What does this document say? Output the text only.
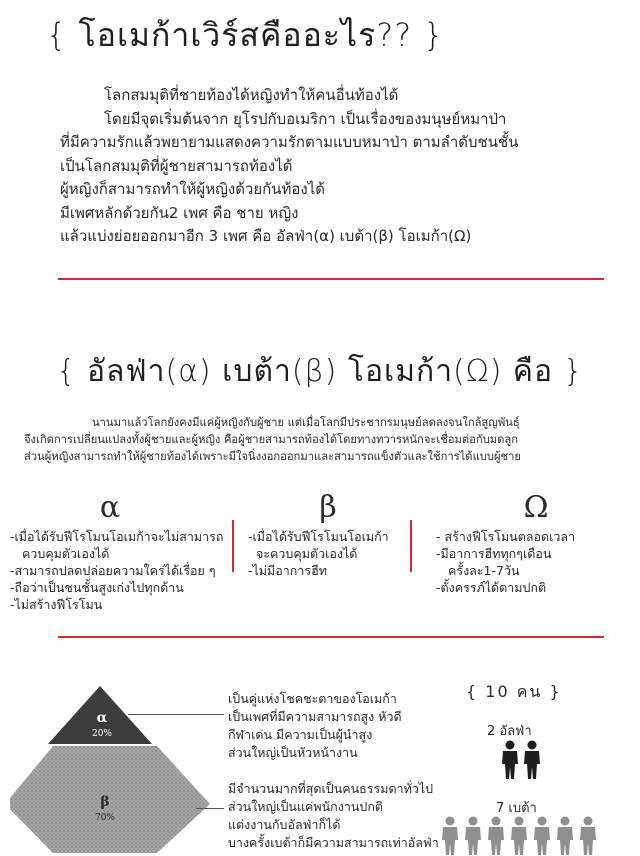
{ โอเมก้าเวิร์สคืออะไร?? }
โลกสมมุติที่ชายท้องได้หญิงทำให้คนอื่นท้องได้
โดยมีจุดเริ่มต้นจาก ยุโรปกับอเมริกา เป็นเรื่องของมนุษย์หมาป่า
ที่มีความรักแล้วพยายามแสดงความรักตามแบบหมาป่า ตามลำดับชนชั้น
เป็นโลกสมมุติที่ผู้ชายสามารถท้องได้
ผู้หญิงก็สามารถทำให้ผู้หญิงด้วยกันท้องได้
มีเพศหลักด้วยกัน2 เพศ คือ ชาย หญิง
แล้วแบ่งย่อยออกมาอีก 3 เพศ คือ อัลฟ่า(α) เบต้า(β) โอเมก้า(Ω)
{ อัลฟ่า(α) เบต้า(β) โอเมก้า(Ω) คือ }
นานมาแล้วโลกยังคงมีแค่ผู้หญิงกับผู้ชาย แต่เมื่อโลกมีประชากรมนุษย์ลดลงจนใกล้สูญพันธุ์
จึงเกิดการเปลี่ยนแปลงทั้งผู้ชายและผู้หญิง คือผู้ชายสามารถท้องได้โดยทางทวารหนักจะเชื่อมต่อกับมดลูก
ส่วนผู้หญิงสามารถทำให้ผู้ชายท้องได้เพราะมีใจนิ่งงอกออกมาและสามารถแข็งตัวและใช้การได้แบบผู้ชาย
α
-เมื่อได้รับฟีโรโมนโอเมก้าจะไม่สามารถ
ควบคุมตัวเองได้
-สามารถปลดปล่อยความใคร่ได้เรื่อย ๆ
-ถือว่าเป็นชนชั้นสูงเก่งไปทุกด้าน
-ไม่สร้างฟีโรโมน
β
-เมื่อได้รับฟีโรโมนโอเมก้า
จะควบคุมตัวเองได้
-ไม่มีอาการฮีท
Ω
- สร้างฟีโรโมนตลอดเวลา
-มีอาการฮีททุกๆเดือน
ครั้งละ1-7วัน
-ตั้งครรภ์ได้ตามปกติ
α
20%
β
70%
เป็นคู่แห่งโชคชะตาของโอเมก้า
เป็นเพศที่มีความสามารถสูง หัวดี
กีฬาเด่น มีความเป็นผู้นำสูง
ส่วนใหญ่เป็นหัวหน้างาน
มีจำนวนมากที่สุดเป็นคนธรรมดาทั่วไป
ส่วนใหญ่เป็นแค่พนักงานปกติ
แต่งงานกับอัลฟ่าก็ได้
บางครั้งเบต้าก็มีความสามารถเท่าอัลฟ่า
{ 10 คน }
2 อัลฟ่า
7 เบต้า
